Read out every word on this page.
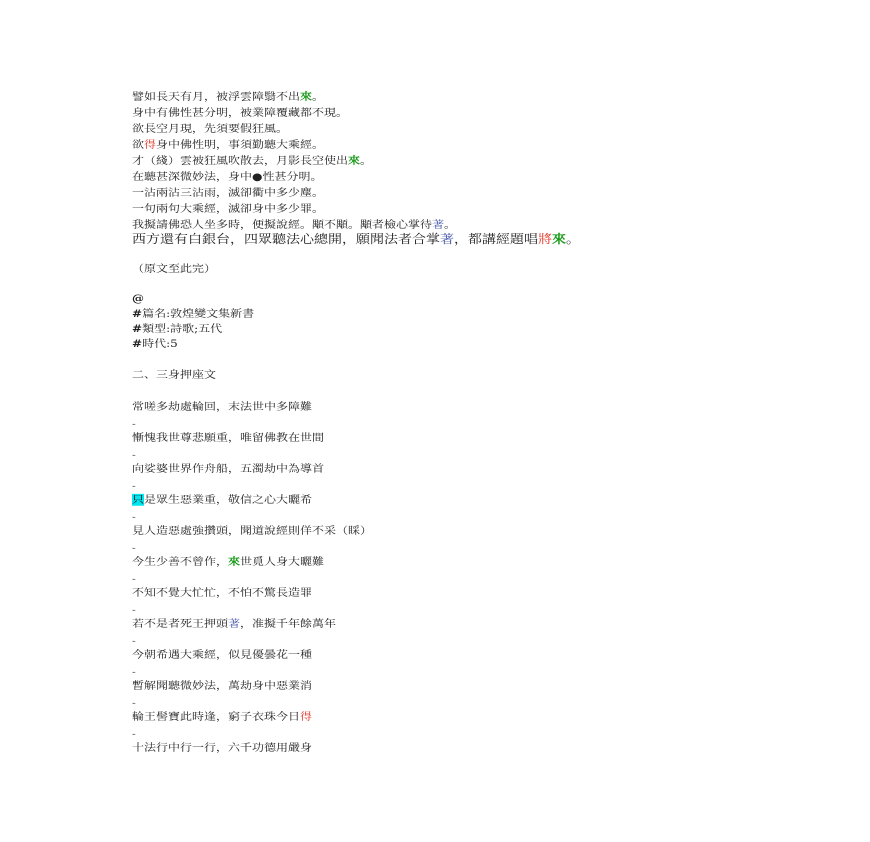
譬如長天有月，被浮雲障翳不出來。
身中有佛性甚分明，被業障覆藏都不現。
欲長空月現，先須要假狂風。
欲得身中佛性明，事須勤聽大乘經。
才（綫）雲被狂風吹散去，月影長空使出來。
在聽甚深微妙法，身中●性甚分明。
一沾兩沾三沾雨，滅卻衢中多少塵。
一句兩句大乘經，滅卻身中多少罪。
我擬請佛恐人坐多時，便擬說經。顒不顒。顒者檢心掌待著。
西方還有白銀台，四眾聽法心總開，願聞法者合掌著，都講經題唱將來。
（原文至此完）
@
#篇名:敦煌變文集新書
#類型:詩歌;五代
#時代:5
二、三身押座文
常嗟多劫處輪回，末法世中多障難
-
慚愧我世尊悲願重，唯留佛教在世間
-
向娑婆世界作舟船，五濁劫中為導首
-
只是眾生惡業重，敬信之心大曬希
-
見人造惡處強攢頭，聞道說經則佯不采（睬）
-
今生少善不曾作，來世覓人身大曬難
-
不知不覺大忙忙，不怕不驚長造罪
-
若不是者死王押頭著，准擬千年餘萬年
-
今朝希遇大乘經，似見優曇花一種
-
暫解聞聽微妙法，萬劫身中惡業消
-
輪王髻寶此時逢，窮子衣珠今日得
-
十法行中行一行，六千功德用嚴身
